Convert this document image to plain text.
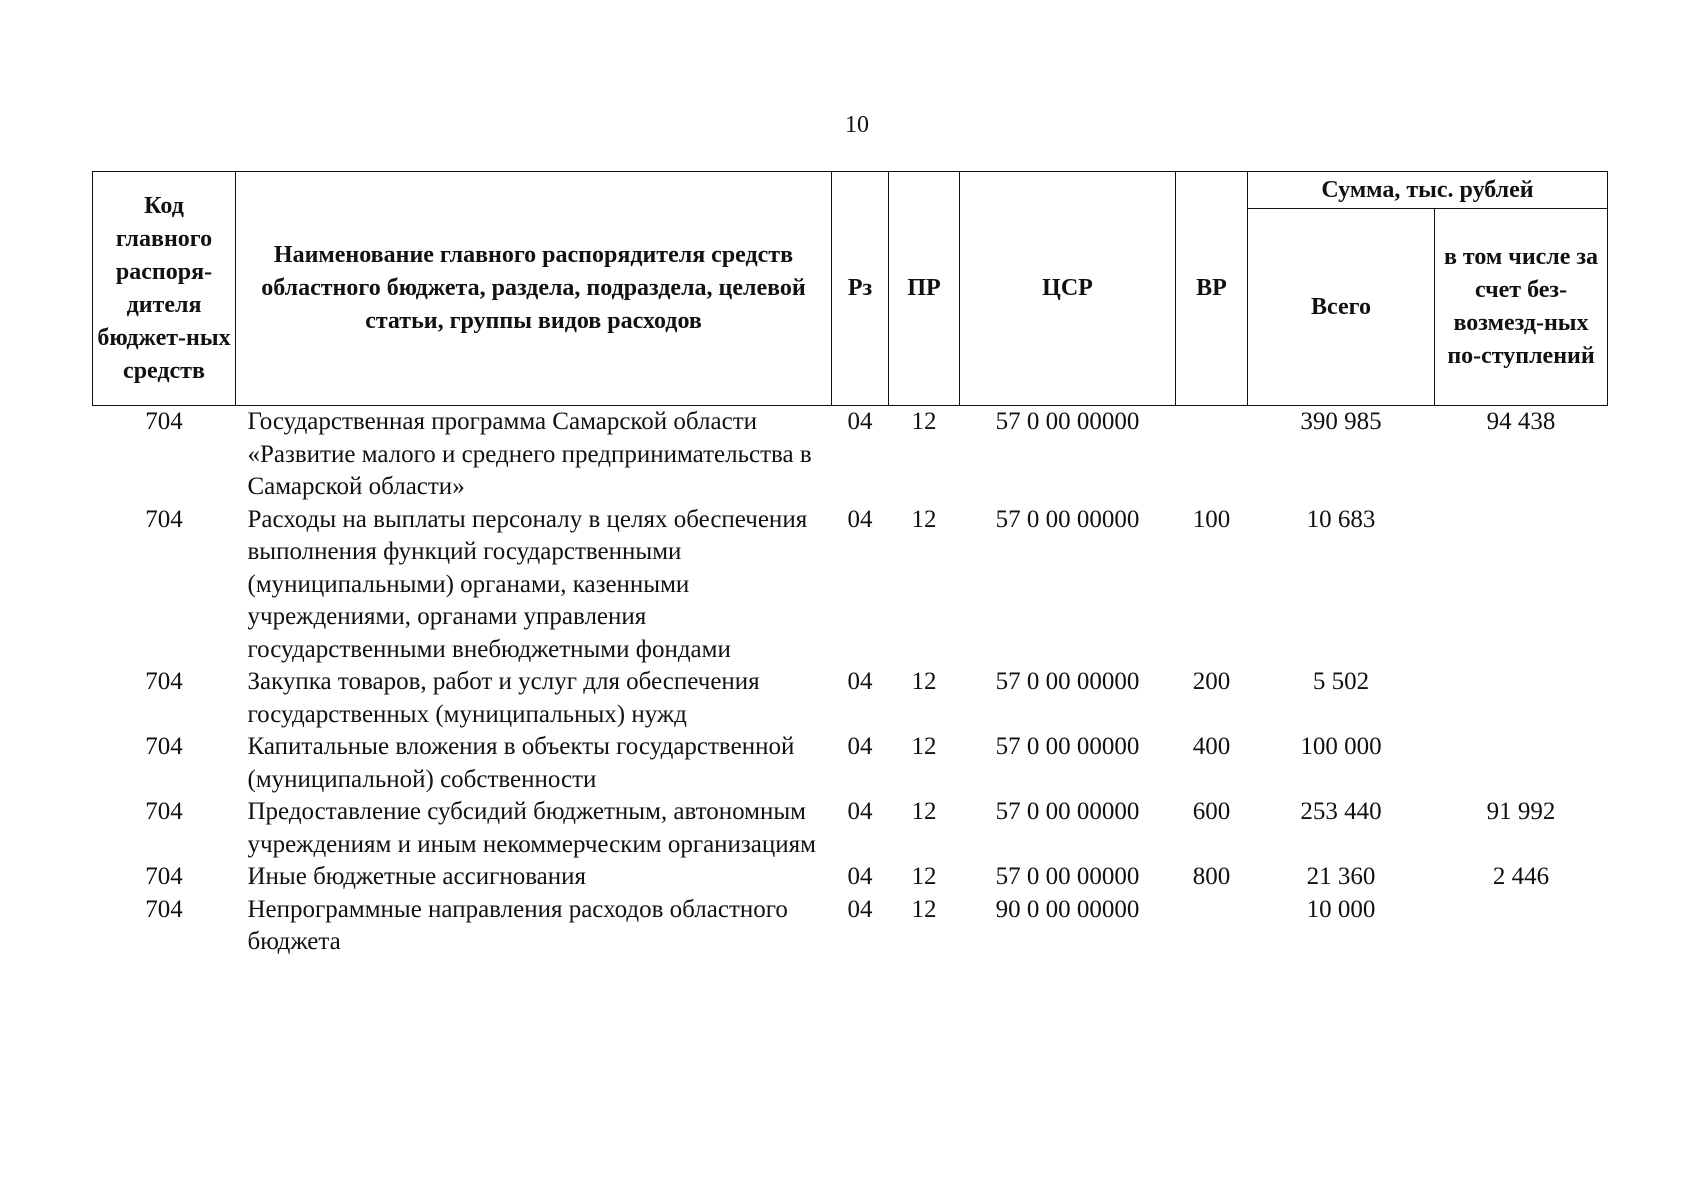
10
Код главного распоря-дителя бюджет-ных средств	Наименование главного распорядителя средств областного бюджета, раздела, подраздела, целевой статьи, группы видов расходов	Рз	ПР	ЦСР	ВР	Сумма, тыс. рублей	
						Всего	в том числе за счет без-возмезд-ных по-ступлений
704	Государственная программа Самарской области «Развитие малого и среднего предпринимательства в Самарской области»	04	12	57 0 00 00000		390 985	94 438
704	Расходы на выплаты персоналу в целях обеспечения выполнения функций государственными (муниципальными) органами, казенными учреждениями, органами управления государственными внебюджетными фондами	04	12	57 0 00 00000	100	10 683	
704	Закупка товаров, работ и услуг для обеспечения государственных (муниципальных) нужд	04	12	57 0 00 00000	200	5 502	
704	Капитальные вложения в объекты государственной (муниципальной) собственности	04	12	57 0 00 00000	400	100 000	
704	Предоставление субсидий бюджетным, автономным учреждениям и иным некоммерческим организациям	04	12	57 0 00 00000	600	253 440	91 992
704	Иные бюджетные ассигнования	04	12	57 0 00 00000	800	21 360	2 446
704	Непрограммные направления расходов областного бюджета	04	12	90 0 00 00000		10 000	
